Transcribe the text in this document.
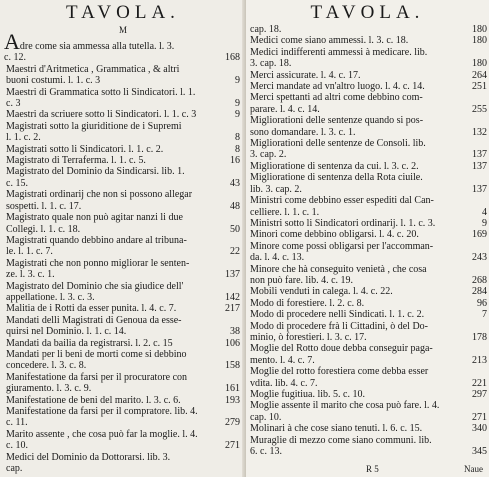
TAVOLA.
M
Adre come sia ammessa alla tutella. l. 3.
c. 12.	168
Maestri d'Aritmetica , Grammatica , & altri
buoni costumi. l. 1. c. 3	9
Maestri di Grammatica sotto li Sindicatori. l. 1.
c. 3	9
Maestri da scriuere sotto li Sindicatori. l. 1. c. 3	9
Magistrati sotto la giuriditione de i Supremi
l. 1. c. 2.	8
Magistrati sotto li Sindicatori. l. 1. c. 2.	8
Magistrato di Terraferma. l. 1. c. 5.	16
Magistrato del Dominio da Sindicarsi. lib. 1.
c. 15.	43
Magistrati ordinarij che non si possono allegar
sospetti. l. 1. c. 17.	48
Magistrato quale non può agitar nanzi li due
Collegi. l. 1. c. 18.	50
Magistrati quando debbino andare al tribuna-
le. l. 1. c. 7.	22
Magistrati che non ponno migliorar le senten-
ze. l. 3. c. 1.	137
Magistrato del Dominio che sia giudice dell'
appellatione. l. 3. c. 3.	142
Malitia de i Rotti da esser punita. l. 4. c. 7.	217
Mandati delli Magistrati di Genoua da esse-
quirsi nel Dominio. l. 1. c. 14.	38
Mandati da bailia da registrarsi. l. 2. c. 15	106
Mandati per li beni de morti come si debbino
concedere. l. 3. c. 8.	158
Manifestatione da farsi per il procuratore con
giuramento. l. 3. c. 9.	161
Manifestatione de beni del marito. l. 3. c. 6.	193
Manifestatione da farsi per il compratore. lib. 4.
c. 11.	279
Marito assente , che cosa può far la moglie. l. 4.
c. 10.	271
Medici del Dominio da Dottorarsi. lib. 3.
cap.
TAVOLA.
cap. 18.	180
Medici come siano ammessi. l. 3. c. 18.	180
Medici indifferenti ammessi à medicare. lib.
3. cap. 18.	180
Merci assicurate. l. 4. c. 17.	264
Merci mandate ad vn'altro luogo. l. 4. c. 14.	251
Merci spettanti ad altri come debbino com-
parare. l. 4. c. 14.	255
Migliorationi delle sentenze quando si pos-
sono domandare. l. 3. c. 1.	132
Migliorationi delle sentenze de Consoli. lib.
3. cap. 2.	137
Miglioratione di sentenza da cui. l. 3. c. 2.	137
Miglioratione di sentenza della Rota ciuile.
lib. 3. cap. 2.	137
Ministri come debbino esser espediti dal Can-
celliere. l. 1. c. 1.	4
Ministri sotto li Sindicatori ordinarij. l. 1. c. 3.	9
Minori come debbino obligarsi. l. 4. c. 20.	169
Minore come possi obligarsi per l'accomman-
da. l. 4. c. 13.	243
Minore che hà conseguito venietà , che cosa
non può fare. lib. 4. c. 19.	268
Mobili venduti in calega. l. 4. c. 22.	284
Modo di forestiere. l. 2. c. 8.	96
Modo di procedere nelli Sindicati. l. 1. c. 2.	7
Modo di procedere frà li Cittadini, ò del Do-
minio, ò forestieri. l. 3. c. 17.	178
Moglie del Rotto doue debba conseguir paga-
mento. l. 4. c. 7.	213
Moglie del rotto forestiera come debba esser
vdita. lib. 4. c. 7.	221
Moglie fugitiua. lib. 5. c. 10.	297
Moglie assente il marito che cosa può fare. l. 4.
cap. 10.	271
Molinari à che cose siano tenuti. l. 6. c. 15.	340
Muraglie di mezzo come siano communi. lib.
6. c. 13.	345
R 5	Naue
